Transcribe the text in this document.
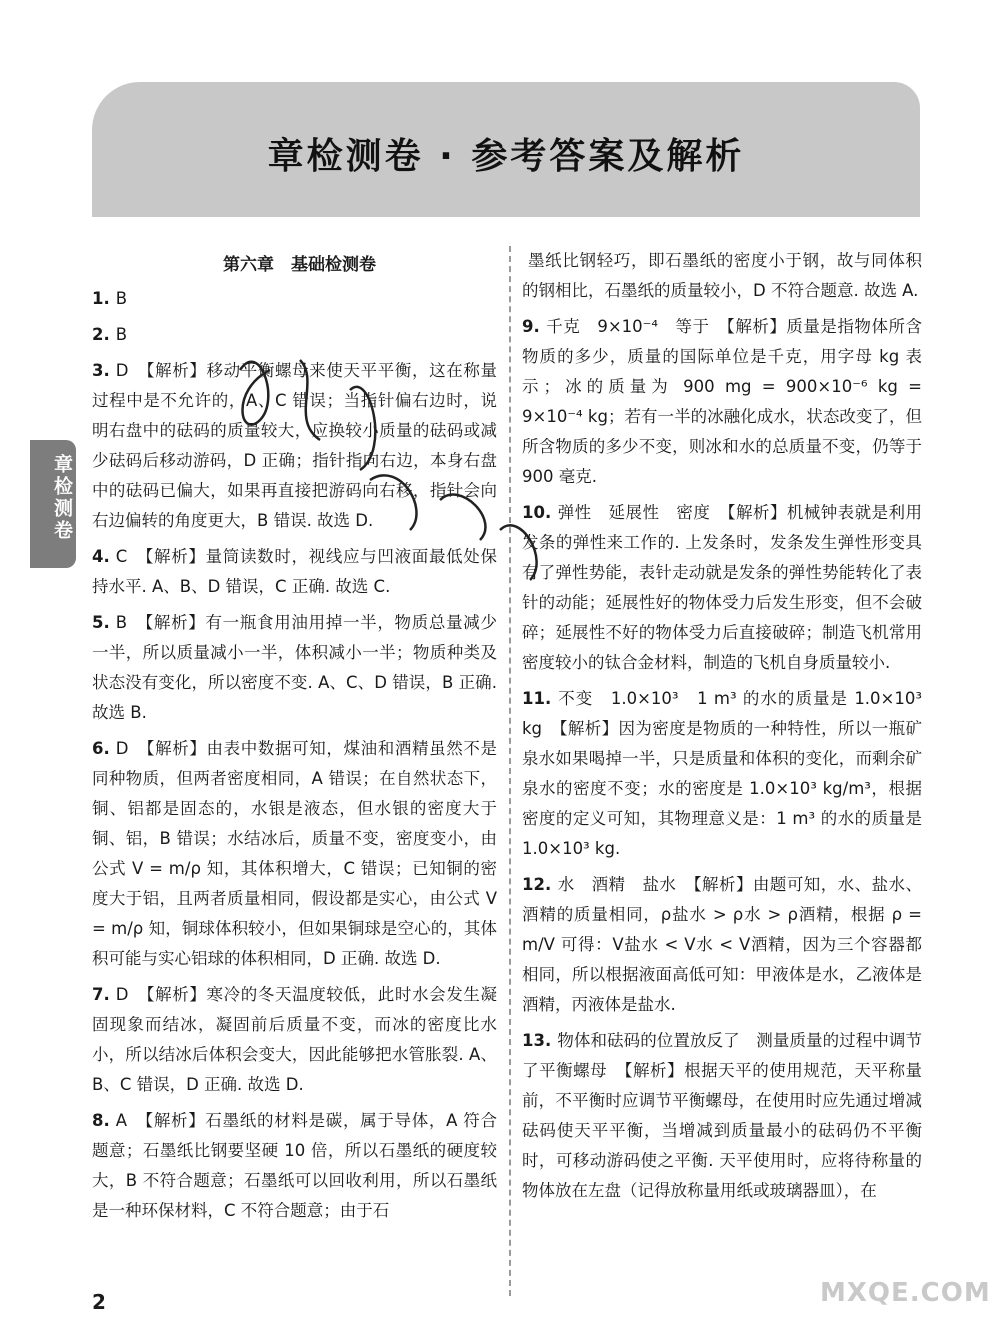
章检测卷 · 参考答案及解析
章检测卷
第六章　基础检测卷
1. B
2. B
3. D　【解析】移动平衡螺母来使天平平衡，这在称量过程中是不允许的，A、C 错误；当指针偏右边时，说明右盘中的砝码的质量较大，应换较小质量的砝码或减少砝码后移动游码，D 正确；指针指向右边，本身右盘中的砝码已偏大，如果再直接把游码向右移，指针会向右边偏转的角度更大，B 错误. 故选 D.
4. C　【解析】量筒读数时，视线应与凹液面最低处保持水平. A、B、D 错误，C 正确. 故选 C.
5. B　【解析】有一瓶食用油用掉一半，物质总量减少一半，所以质量减小一半，体积减小一半；物质种类及状态没有变化，所以密度不变. A、C、D 错误，B 正确. 故选 B.
6. D　【解析】由表中数据可知，煤油和酒精虽然不是同种物质，但两者密度相同，A 错误；在自然状态下，铜、铝都是固态的，水银是液态，但水银的密度大于铜、铝，B 错误；水结冰后，质量不变，密度变小，由公式 V = m/ρ 知，其体积增大，C 错误；已知铜的密度大于铝，且两者质量相同，假设都是实心，由公式 V = m/ρ 知，铜球体积较小，但如果铜球是空心的，其体积可能与实心铝球的体积相同，D 正确. 故选 D.
7. D　【解析】寒冷的冬天温度较低，此时水会发生凝固现象而结冰，凝固前后质量不变，而冰的密度比水小，所以结冰后体积会变大，因此能够把水管胀裂. A、B、C 错误，D 正确. 故选 D.
8. A　【解析】石墨纸的材料是碳，属于导体，A 符合题意；石墨纸比钢要坚硬 10 倍，所以石墨纸的硬度较大，B 不符合题意；石墨纸可以回收利用，所以石墨纸是一种环保材料，C 不符合题意；由于石
墨纸比钢轻巧，即石墨纸的密度小于钢，故与同体积的钢相比，石墨纸的质量较小，D 不符合题意. 故选 A.
9. 千克　9×10⁻⁴　等于　【解析】质量是指物体所含物质的多少，质量的国际单位是千克，用字母 kg 表示；冰的质量为 900 mg = 900×10⁻⁶ kg = 9×10⁻⁴ kg；若有一半的冰融化成水，状态改变了，但所含物质的多少不变，则冰和水的总质量不变，仍等于 900 毫克.
10. 弹性　延展性　密度　【解析】机械钟表就是利用发条的弹性来工作的. 上发条时，发条发生弹性形变具有了弹性势能，表针走动就是发条的弹性势能转化了表针的动能；延展性好的物体受力后发生形变，但不会破碎；延展性不好的物体受力后直接破碎；制造飞机常用密度较小的钛合金材料，制造的飞机自身质量较小.
11. 不变　1.0×10³　1 m³ 的水的质量是 1.0×10³ kg　【解析】因为密度是物质的一种特性，所以一瓶矿泉水如果喝掉一半，只是质量和体积的变化，而剩余矿泉水的密度不变；水的密度是 1.0×10³ kg/m³，根据密度的定义可知，其物理意义是：1 m³ 的水的质量是 1.0×10³ kg.
12. 水　酒精　盐水　【解析】由题可知，水、盐水、酒精的质量相同，ρ盐水 > ρ水 > ρ酒精，根据 ρ = m/V 可得：V盐水 < V水 < V酒精，因为三个容器都相同，所以根据液面高低可知：甲液体是水，乙液体是酒精，丙液体是盐水.
13. 物体和砝码的位置放反了　测量质量的过程中调节了平衡螺母　【解析】根据天平的使用规范，天平称量前，不平衡时应调节平衡螺母，在使用时应先通过增减砝码使天平平衡，当增减到质量最小的砝码仍不平衡时，可移动游码使之平衡. 天平使用时，应将待称量的物体放在左盘（记得放称量用纸或玻璃器皿），在
2	MXQE.COM
